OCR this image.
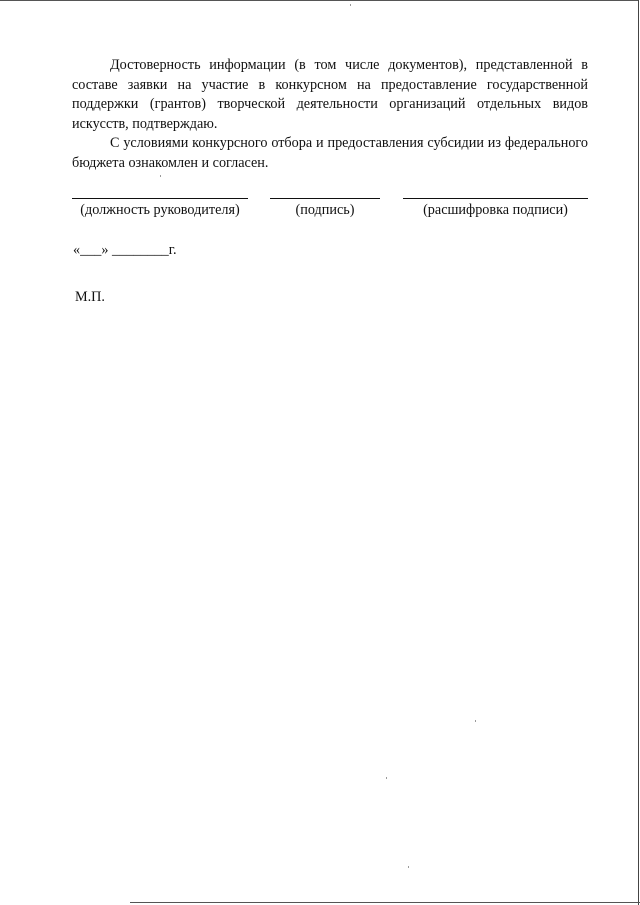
Достоверность информации (в том числе документов), представленной в составе заявки на участие в конкурсном на предоставление государственной поддержки (грантов) творческой деятельности организаций отдельных видов искусств, подтверждаю.

С условиями конкурсного отбора и предоставления субсидии из федерального бюджета ознакомлен и согласен.

(должность руководителя)	(подпись)	(расшифровка подписи)
«___» ________г.
М.П.
